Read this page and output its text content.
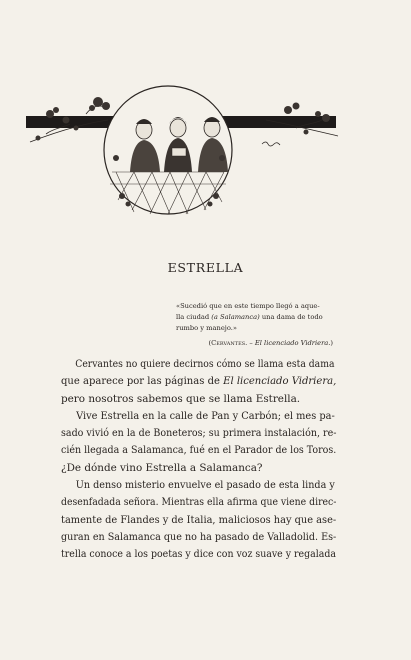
ESTRELLA
«Sucedió que en este tiempo llegó a aque-
lla ciudad (a Salamanca) una dama de todo
rumbo y manejo.»
(Cervantes. – El licenciado Vidriera.)
Cervantes no quiere decirnos cómo se llama esta dama
que aparece por las páginas de El licenciado Vidriera,
pero nosotros sabemos que se llama Estrella.
Vive Estrella en la calle de Pan y Carbón; el mes pa-
sado vivió en la de Boneteros; su primera instalación, re-
cién llegada a Salamanca, fué en el Parador de los Toros.
¿De dónde vino Estrella a Salamanca?
Un denso misterio envuelve el pasado de esta linda y
desenfadada señora. Mientras ella afirma que viene direc-
tamente de Flandes y de Italia, maliciosos hay que ase-
guran en Salamanca que no ha pasado de Valladolid. Es-
trella conoce a los poetas y dice con voz suave y regalada
